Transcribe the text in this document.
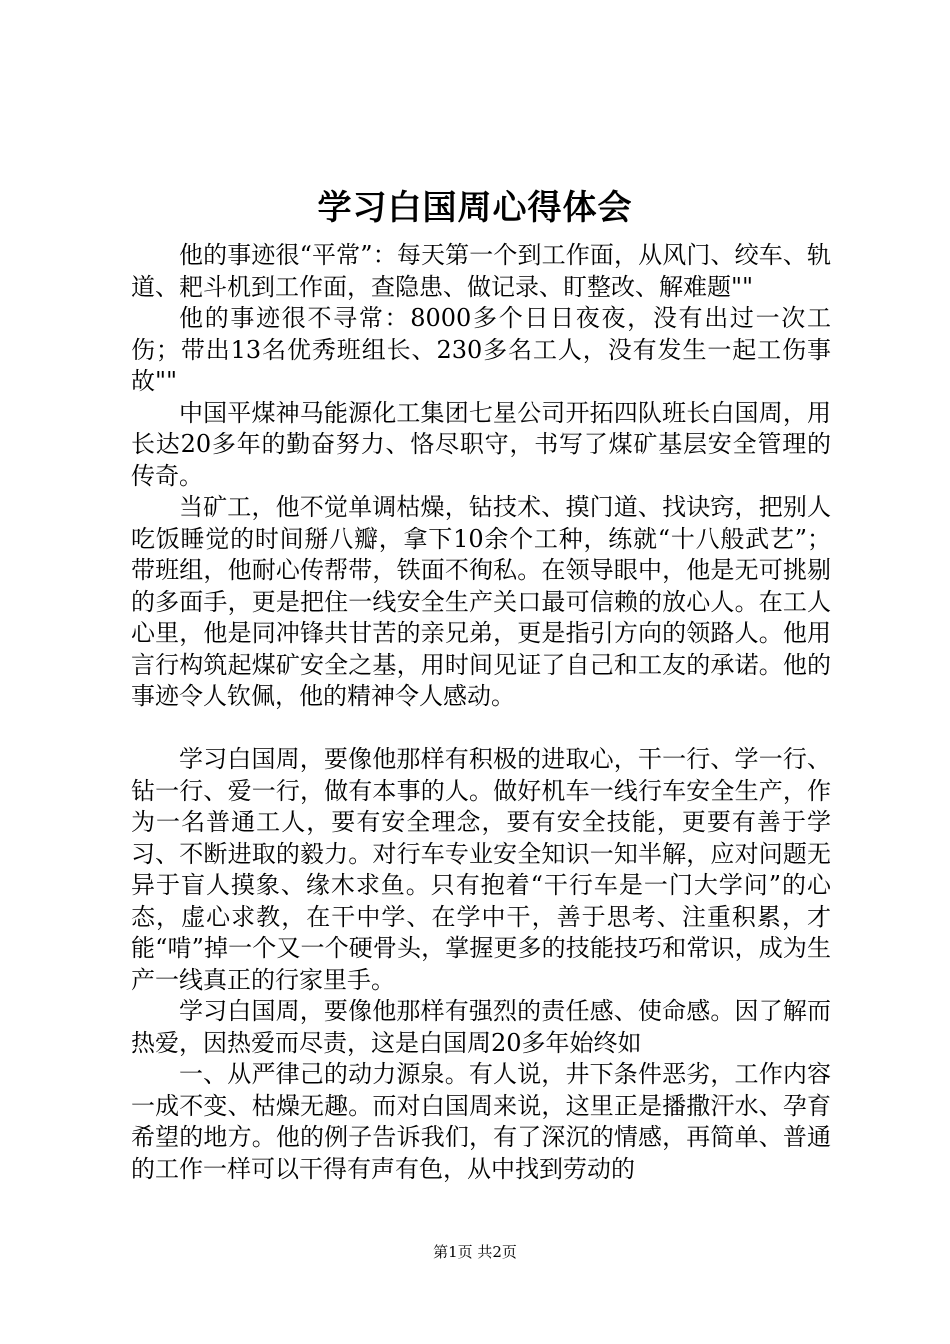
学习白国周心得体会

他的事迹很“平常”：每天第一个到工作面，从风门、绞车、轨道、耙斗机到工作面，查隐患、做记录、盯整改、解难题""

他的事迹很不寻常：8000多个日日夜夜，没有出过一次工伤；带出13名优秀班组长、230多名工人，没有发生一起工伤事故""

中国平煤神马能源化工集团七星公司开拓四队班长白国周，用长达20多年的勤奋努力、恪尽职守，书写了煤矿基层安全管理的传奇。

当矿工，他不觉单调枯燥，钻技术、摸门道、找诀窍，把别人吃饭睡觉的时间掰八瓣，拿下10余个工种，练就“十八般武艺”；带班组，他耐心传帮带，铁面不徇私。在领导眼中，他是无可挑剔的多面手，更是把住一线安全生产关口最可信赖的放心人。在工人心里，他是同冲锋共甘苦的亲兄弟，更是指引方向的领路人。他用言行构筑起煤矿安全之基，用时间见证了自己和工友的承诺。他的事迹令人钦佩，他的精神令人感动。

学习白国周，要像他那样有积极的进取心，干一行、学一行、钻一行、爱一行，做有本事的人。做好机车一线行车安全生产，作为一名普通工人，要有安全理念，要有安全技能，更要有善于学习、不断进取的毅力。对行车专业安全知识一知半解，应对问题无异于盲人摸象、缘木求鱼。只有抱着“干行车是一门大学问”的心态，虚心求教，在干中学、在学中干，善于思考、注重积累，才能“啃”掉一个又一个硬骨头，掌握更多的技能技巧和常识，成为生产一线真正的行家里手。

学习白国周，要像他那样有强烈的责任感、使命感。因了解而热爱，因热爱而尽责，这是白国周20多年始终如

一、从严律己的动力源泉。有人说，井下条件恶劣，工作内容一成不变、枯燥无趣。而对白国周来说，这里正是播撒汗水、孕育希望的地方。他的例子告诉我们，有了深沉的情感，再简单、普通的工作一样可以干得有声有色，从中找到劳动的

第1页 共2页
